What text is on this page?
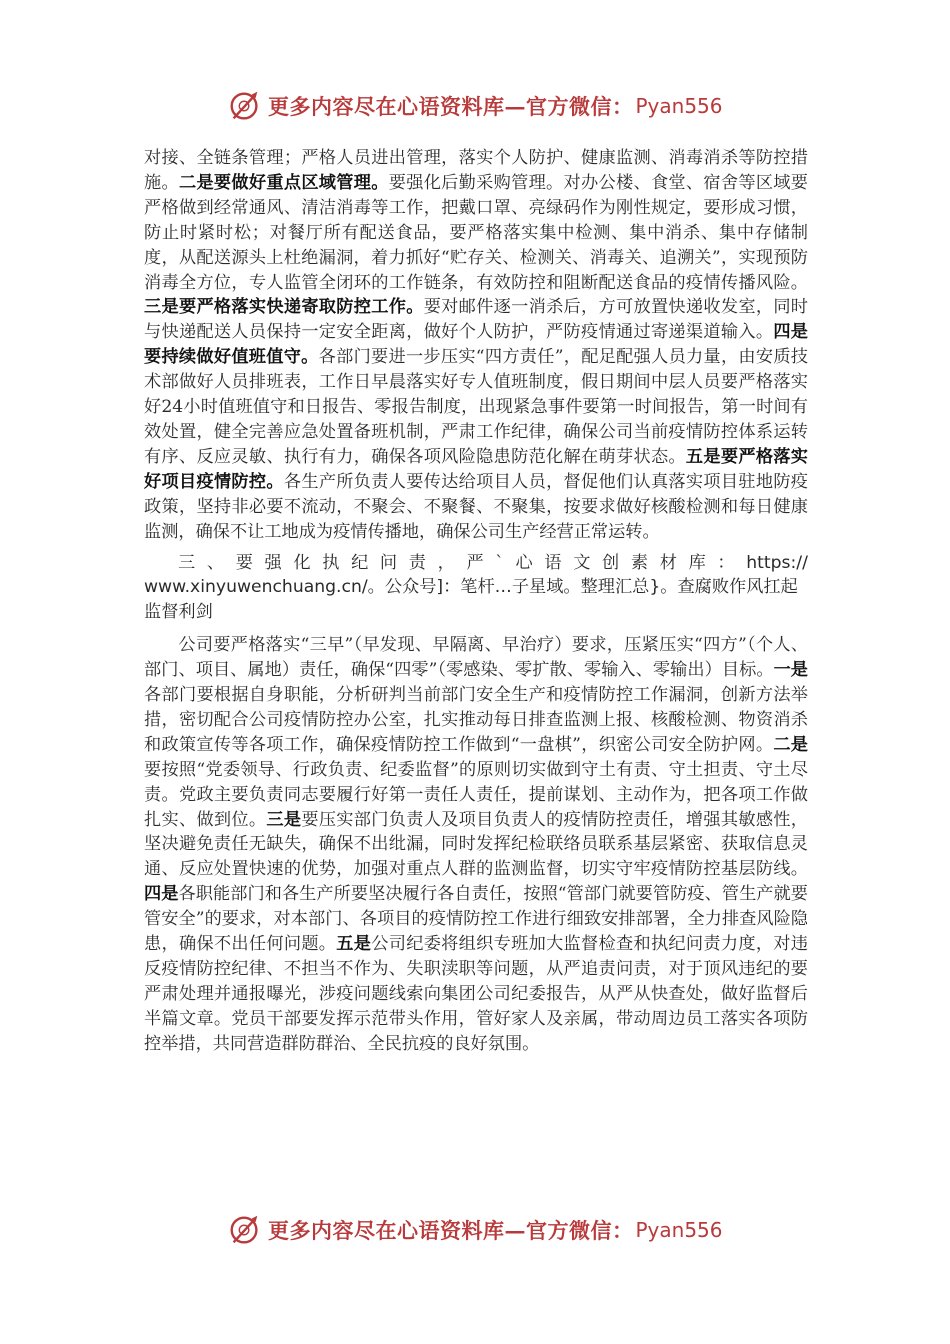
更多内容尽在心语资料库—官方微信： Pyan556

对接、全链条管理；严格人员进出管理，落实个人防护、健康监测、消毒消杀等防控措施。二是要做好重点区域管理。要强化后勤采购管理。对办公楼、食堂、宿舍等区域要严格做到经常通风、清洁消毒等工作，把戴口罩、亮绿码作为刚性规定，要形成习惯，防止时紧时松；对餐厅所有配送食品，要严格落实集中检测、集中消杀、集中存储制度，从配送源头上杜绝漏洞，着力抓好“贮存关、检测关、消毒关、追溯关”，实现预防消毒全方位，专人监管全闭环的工作链条，有效防控和阻断配送食品的疫情传播风险。三是要严格落实快递寄取防控工作。要对邮件逐一消杀后，方可放置快递收发室，同时与快递配送人员保持一定安全距离，做好个人防护，严防疫情通过寄递渠道输入。四是要持续做好值班值守。各部门要进一步压实“四方责任”，配足配强人员力量，由安质技术部做好人员排班表，工作日早晨落实好专人值班制度，假日期间中层人员要严格落实好24小时值班值守和日报告、零报告制度，出现紧急事件要第一时间报告，第一时间有效处置，健全完善应急处置备班机制，严肃工作纪律，确保公司当前疫情防控体系运转有序、反应灵敏、执行有力，确保各项风险隐患防范化解在萌芽状态。五是要严格落实好项目疫情防控。各生产所负责人要传达给项目人员，督促他们认真落实项目驻地防疫政策，坚持非必要不流动，不聚会、不聚餐、不聚集，按要求做好核酸检测和每日健康监测，确保不让工地成为疫情传播地，确保公司生产经营正常运转。

三 、 要 强 化 执 纪 问 责 ， 严 ` 心 语 文 创 素 材 库 ： https://
www.xinyuwenchuang.cn/。公众号]：笔杆…子星域。整理汇总}。查腐败作风扛起监督利剑

公司要严格落实“三早”（早发现、早隔离、早治疗）要求，压紧压实“四方”（个人、部门、项目、属地）责任，确保“四零”（零感染、零扩散、零输入、零输出）目标。一是各部门要根据自身职能，分析研判当前部门安全生产和疫情防控工作漏洞，创新方法举措，密切配合公司疫情防控办公室，扎实推动每日排查监测上报、核酸检测、物资消杀和政策宣传等各项工作，确保疫情防控工作做到“一盘棋”，织密公司安全防护网。二是要按照“党委领导、行政负责、纪委监督”的原则切实做到守土有责、守土担责、守土尽责。党政主要负责同志要履行好第一责任人责任，提前谋划、主动作为，把各项工作做扎实、做到位。三是要压实部门负责人及项目负责人的疫情防控责任，增强其敏感性，坚决避免责任无缺失，确保不出纰漏，同时发挥纪检联络员联系基层紧密、获取信息灵通、反应处置快速的优势，加强对重点人群的监测监督，切实守牢疫情防控基层防线。四是各职能部门和各生产所要坚决履行各自责任，按照“管部门就要管防疫、管生产就要管安全”的要求，对本部门、各项目的疫情防控工作进行细致安排部署，全力排查风险隐患，确保不出任何问题。五是公司纪委将组织专班加大监督检查和执纪问责力度，对违反疫情防控纪律、不担当不作为、失职渎职等问题，从严追责问责，对于顶风违纪的要严肃处理并通报曝光，涉疫问题线索向集团公司纪委报告，从严从快查处，做好监督后半篇文章。党员干部要发挥示范带头作用，管好家人及亲属，带动周边员工落实各项防控举措，共同营造群防群治、全民抗疫的良好氛围。

更多内容尽在心语资料库—官方微信： Pyan556
